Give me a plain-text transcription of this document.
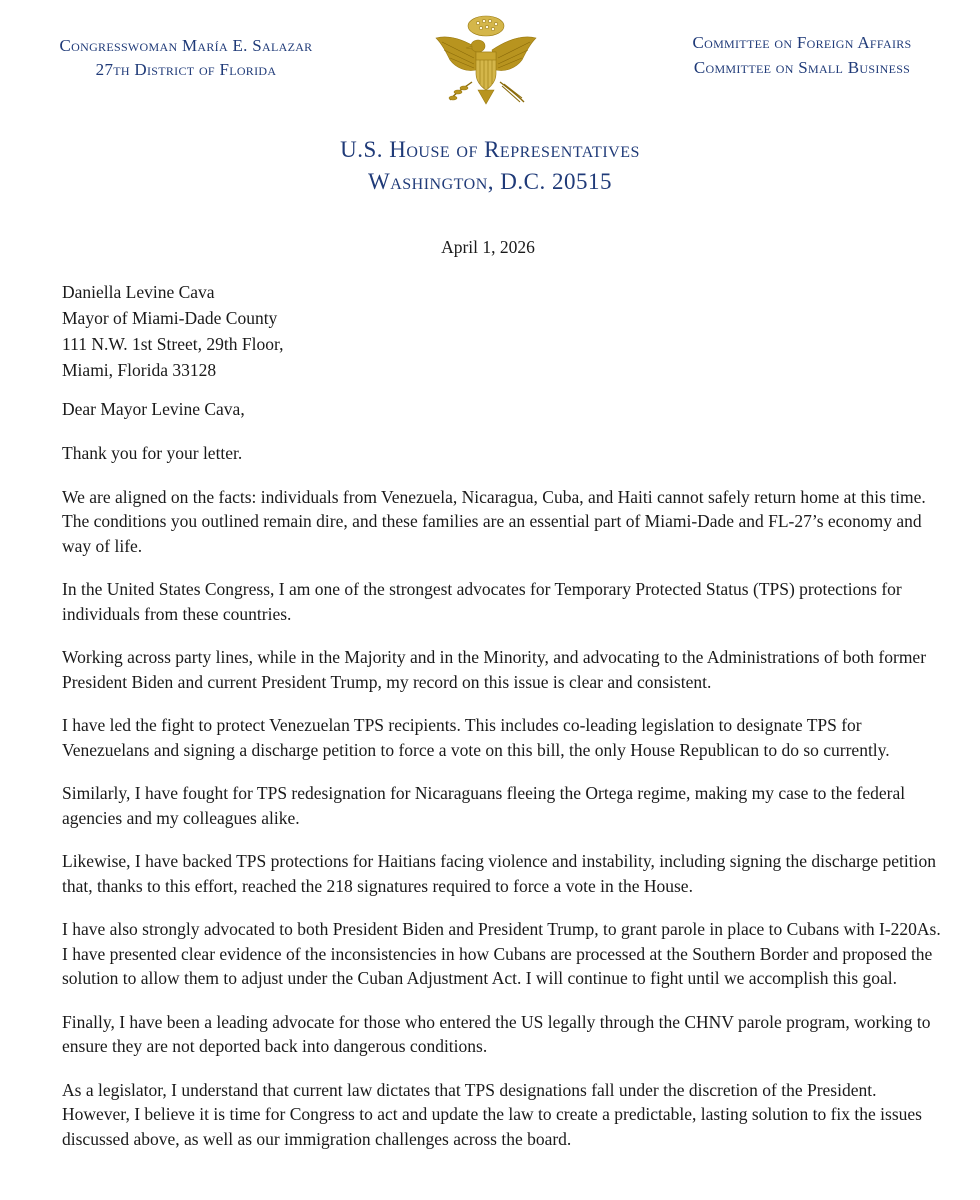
Congresswoman María E. Salazar
27th District of Florida
Committee on Foreign Affairs
Committee on Small Business
U.S. House of Representatives
Washington, D.C. 20515
April 1, 2026
Daniella Levine Cava
Mayor of Miami-Dade County
111 N.W. 1st Street, 29th Floor,
Miami, Florida 33128
Dear Mayor Levine Cava,

Thank you for your letter.

We are aligned on the facts: individuals from Venezuela, Nicaragua, Cuba, and Haiti cannot safely return home at this time. The conditions you outlined remain dire, and these families are an essential part of Miami-Dade and FL-27’s economy and way of life.

In the United States Congress, I am one of the strongest advocates for Temporary Protected Status (TPS) protections for individuals from these countries.

Working across party lines, while in the Majority and in the Minority, and advocating to the Administrations of both former President Biden and current President Trump, my record on this issue is clear and consistent.

I have led the fight to protect Venezuelan TPS recipients. This includes co-leading legislation to designate TPS for Venezuelans and signing a discharge petition to force a vote on this bill, the only House Republican to do so currently.

Similarly, I have fought for TPS redesignation for Nicaraguans fleeing the Ortega regime, making my case to the federal agencies and my colleagues alike.

Likewise, I have backed TPS protections for Haitians facing violence and instability, including signing the discharge petition that, thanks to this effort, reached the 218 signatures required to force a vote in the House.

I have also strongly advocated to both President Biden and President Trump, to grant parole in place to Cubans with I-220As. I have presented clear evidence of the inconsistencies in how Cubans are processed at the Southern Border and proposed the solution to allow them to adjust under the Cuban Adjustment Act. I will continue to fight until we accomplish this goal.

Finally, I have been a leading advocate for those who entered the US legally through the CHNV parole program, working to ensure they are not deported back into dangerous conditions.

As a legislator, I understand that current law dictates that TPS designations fall under the discretion of the President. However, I believe it is time for Congress to act and update the law to create a predictable, lasting solution to fix the issues discussed above, as well as our immigration challenges across the board.
